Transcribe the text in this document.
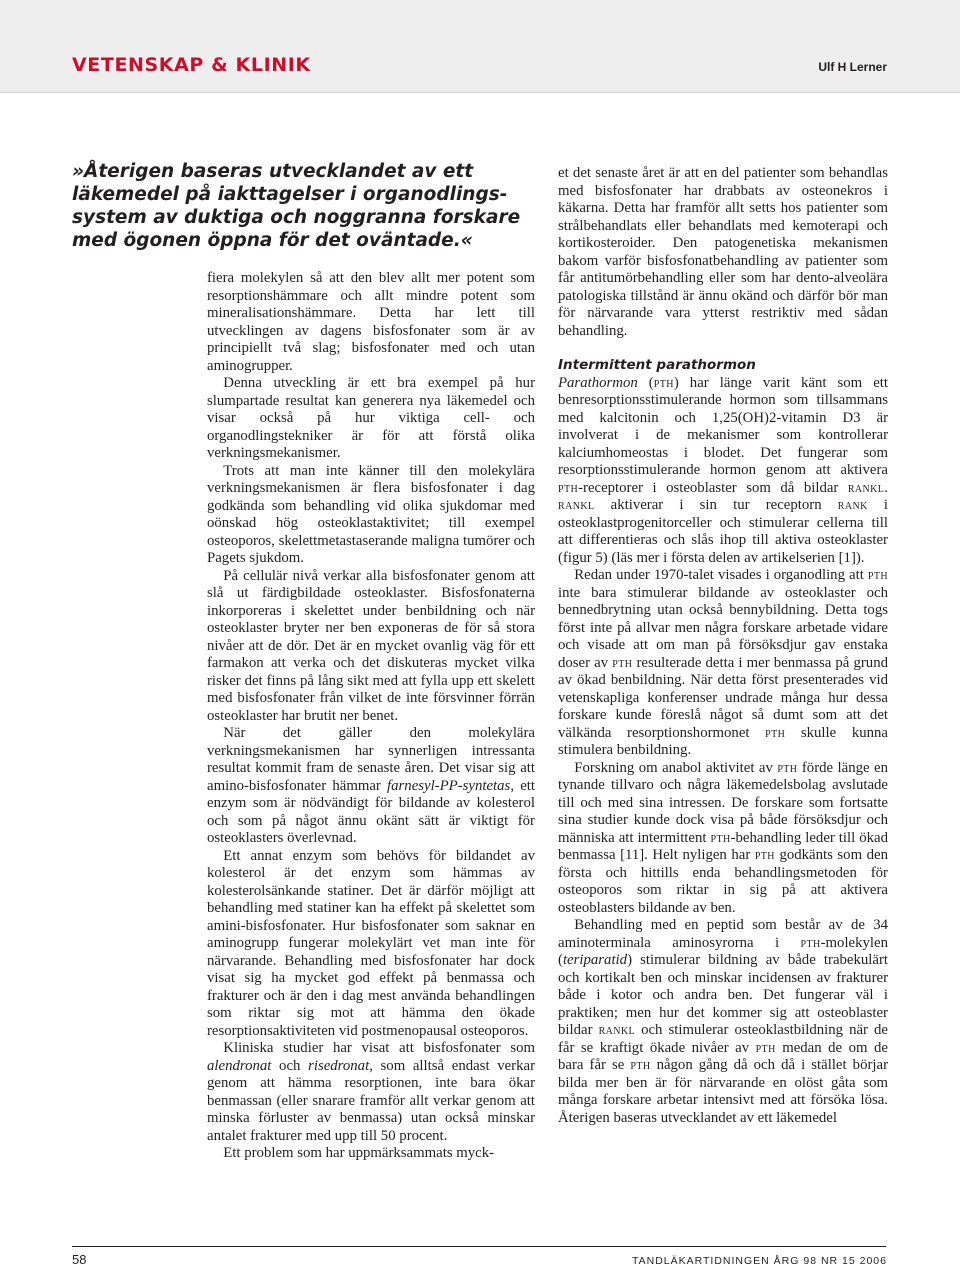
VETENSKAP & KLINIK	Ulf H Lerner

»Återigen baseras utvecklandet av ett läkemedel på iakttagelser i organodlings-system av duktiga och noggranna forskare med ögonen öppna för det oväntade.«

fiera molekylen så att den blev allt mer potent som resorptionshämmare och allt mindre potent som mineralisationshämmare. Detta har lett till utvecklingen av dagens bisfosfonater som är av principiellt två slag; bisfosfonater med och utan aminogrupper.

Denna utveckling är ett bra exempel på hur slumpartade resultat kan generera nya läkemedel och visar också på hur viktiga cell- och organodlingstekniker är för att förstå olika verkningsmekanismer.

Trots att man inte känner till den molekylära verkningsmekanismen är flera bisfosfonater i dag godkända som behandling vid olika sjukdomar med oönskad hög osteoklastaktivitet; till exempel osteoporos, skelettmetastaserande maligna tumörer och Pagets sjukdom.

På cellulär nivå verkar alla bisfosfonater genom att slå ut färdigbildade osteoklaster. Bisfosfonaterna inkorporeras i skelettet under benbildning och när osteoklaster bryter ner ben exponeras de för så stora nivåer att de dör. Det är en mycket ovanlig väg för ett farmakon att verka och det diskuteras mycket vilka risker det finns på lång sikt med att fylla upp ett skelett med bisfosfonater från vilket de inte försvinner förrän osteoklaster har brutit ner benet.

När det gäller den molekylära verkningsmekanismen har synnerligen intressanta resultat kommit fram de senaste åren. Det visar sig att amino-bisfosfonater hämmar farnesyl-PP-syntetas, ett enzym som är nödvändigt för bildande av kolesterol och som på något ännu okänt sätt är viktigt för osteoklasters överlevnad.

Ett annat enzym som behövs för bildandet av kolesterol är det enzym som hämmas av kolesterolsänkande statiner. Det är därför möjligt att behandling med statiner kan ha effekt på skelettet som amini-bisfosfonater. Hur bisfosfonater som saknar en aminogrupp fungerar molekylärt vet man inte för närvarande. Behandling med bisfosfonater har dock visat sig ha mycket god effekt på benmassa och frakturer och är den i dag mest använda behandlingen som riktar sig mot att hämma den ökade resorptionsaktiviteten vid postmenopausal osteoporos.

Kliniska studier har visat att bisfosfonater som alendronat och risedronat, som alltså endast verkar genom att hämma resorptionen, inte bara ökar benmassan (eller snarare framför allt verkar genom att minska förluster av benmassa) utan också minskar antalet frakturer med upp till 50 procent.

Ett problem som har uppmärksammats myck-

et det senaste året är att en del patienter som behandlas med bisfosfonater har drabbats av osteonekros i käkarna. Detta har framför allt setts hos patienter som strålbehandlats eller behandlats med kemoterapi och kortikosteroider. Den patogenetiska mekanismen bakom varför bisfosfonatbehandling av patienter som får antitumörbehandling eller som har dento-alveolära patologiska tillstånd är ännu okänd och därför bör man för närvarande vara ytterst restriktiv med sådan behandling.

Intermittent parathormon

Parathormon (pth) har länge varit känt som ett benresorptionsstimulerande hormon som tillsammans med kalcitonin och 1,25(OH)2-vitamin D3 är involverat i de mekanismer som kontrollerar kalciumhomeostas i blodet. Det fungerar som resorptionsstimulerande hormon genom att aktivera pth-receptorer i osteoblaster som då bildar rankl. rankl aktiverar i sin tur receptorn rank i osteoklastprogenitorceller och stimulerar cellerna till att differentieras och slås ihop till aktiva osteoklaster (figur 5) (läs mer i första delen av artikelserien [1]).

Redan under 1970-talet visades i organodling att pth inte bara stimulerar bildande av osteoklaster och bennedbrytning utan också bennybildning. Detta togs först inte på allvar men några forskare arbetade vidare och visade att om man på försöksdjur gav enstaka doser av pth resulterade detta i mer benmassa på grund av ökad benbildning. När detta först presenterades vid vetenskapliga konferenser undrade många hur dessa forskare kunde föreslå något så dumt som att det välkända resorptionshormonet pth skulle kunna stimulera benbildning.

Forskning om anabol aktivitet av pth förde länge en tynande tillvaro och några läkemedelsbolag avslutade till och med sina intressen. De forskare som fortsatte sina studier kunde dock visa på både försöksdjur och människa att intermittent pth-behandling leder till ökad benmassa [11]. Helt nyligen har pth godkänts som den första och hittills enda behandlingsmetoden för osteoporos som riktar in sig på att aktivera osteoblasters bildande av ben.

Behandling med en peptid som består av de 34 aminoterminala aminosyrorna i pth-molekylen (teriparatid) stimulerar bildning av både trabekulärt och kortikalt ben och minskar incidensen av frakturer både i kotor och andra ben. Det fungerar väl i praktiken; men hur det kommer sig att osteoblaster bildar rankl och stimulerar osteoklastbildning när de får se kraftigt ökade nivåer av pth medan de om de bara får se pth någon gång då och då i stället börjar bilda mer ben är för närvarande en olöst gåta som många forskare arbetar intensivt med att försöka lösa. Återigen baseras utvecklandet av ett läkemedel

58	TANDLÄKARTIDNINGEN ÅRG 98 NR 15 2006
